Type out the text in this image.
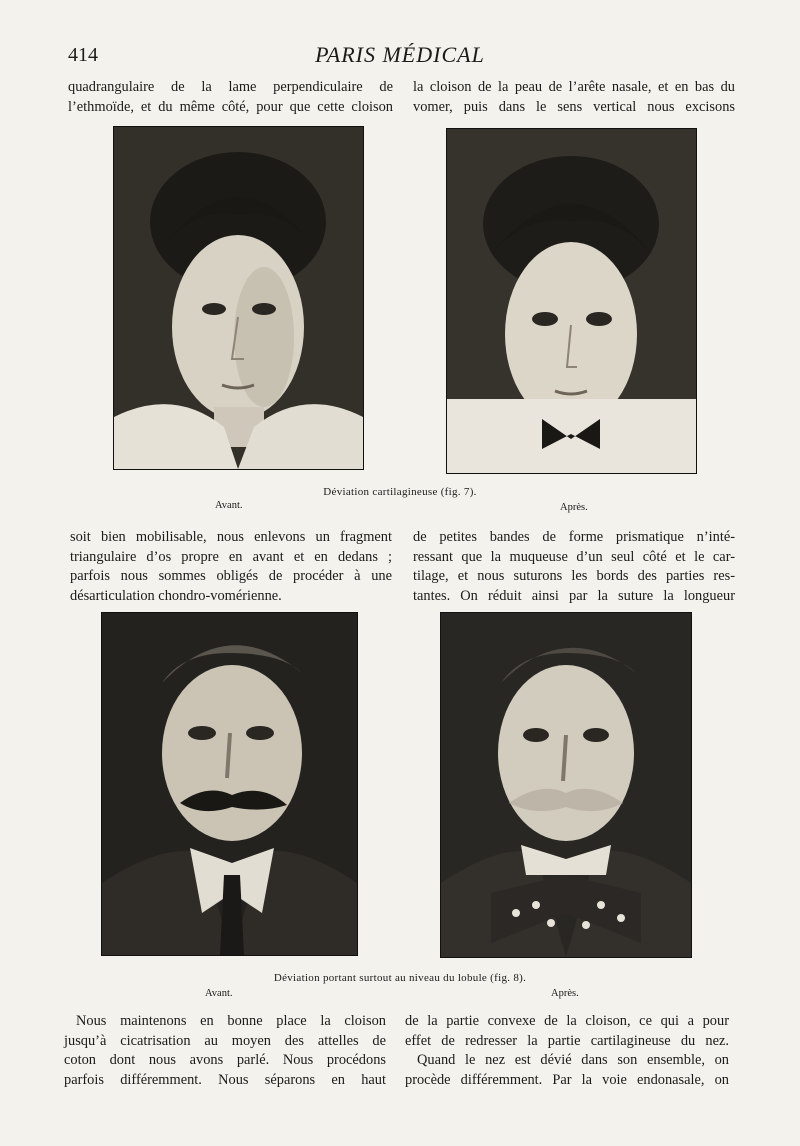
414	PARIS MÉDICAL
quadrangulaire de la lame perpendiculaire de
l’ethmoïde, et du même côté, pour que cette cloison
la cloison de la peau de l’arête nasale, et en bas du
vomer, puis dans le sens vertical nous excisons
Déviation cartilagineuse (fig. 7).
Avant.	Après.
soit bien mobilisable, nous enlevons un fragment
triangulaire d’os propre en avant et en dedans ;
parfois nous sommes obligés de procéder à une
désarticulation chondro-vomérienne.
de petites bandes de forme prismatique n’inté-
ressant que la muqueuse d’un seul côté et le car-
tilage, et nous suturons les bords des parties res-
tantes. On réduit ainsi par la suture la longueur
Déviation portant surtout au niveau du lobule (fig. 8).
Avant.	Après.
Nous maintenons en bonne place la cloison
jusqu’à cicatrisation au moyen des attelles de
coton dont nous avons parlé. Nous procédons
parfois différemment. Nous séparons en haut
de la partie convexe de la cloison, ce qui a pour
effet de redresser la partie cartilagineuse du nez.
Quand le nez est dévié dans son ensemble, on
procède différemment. Par la voie endonasale, on
